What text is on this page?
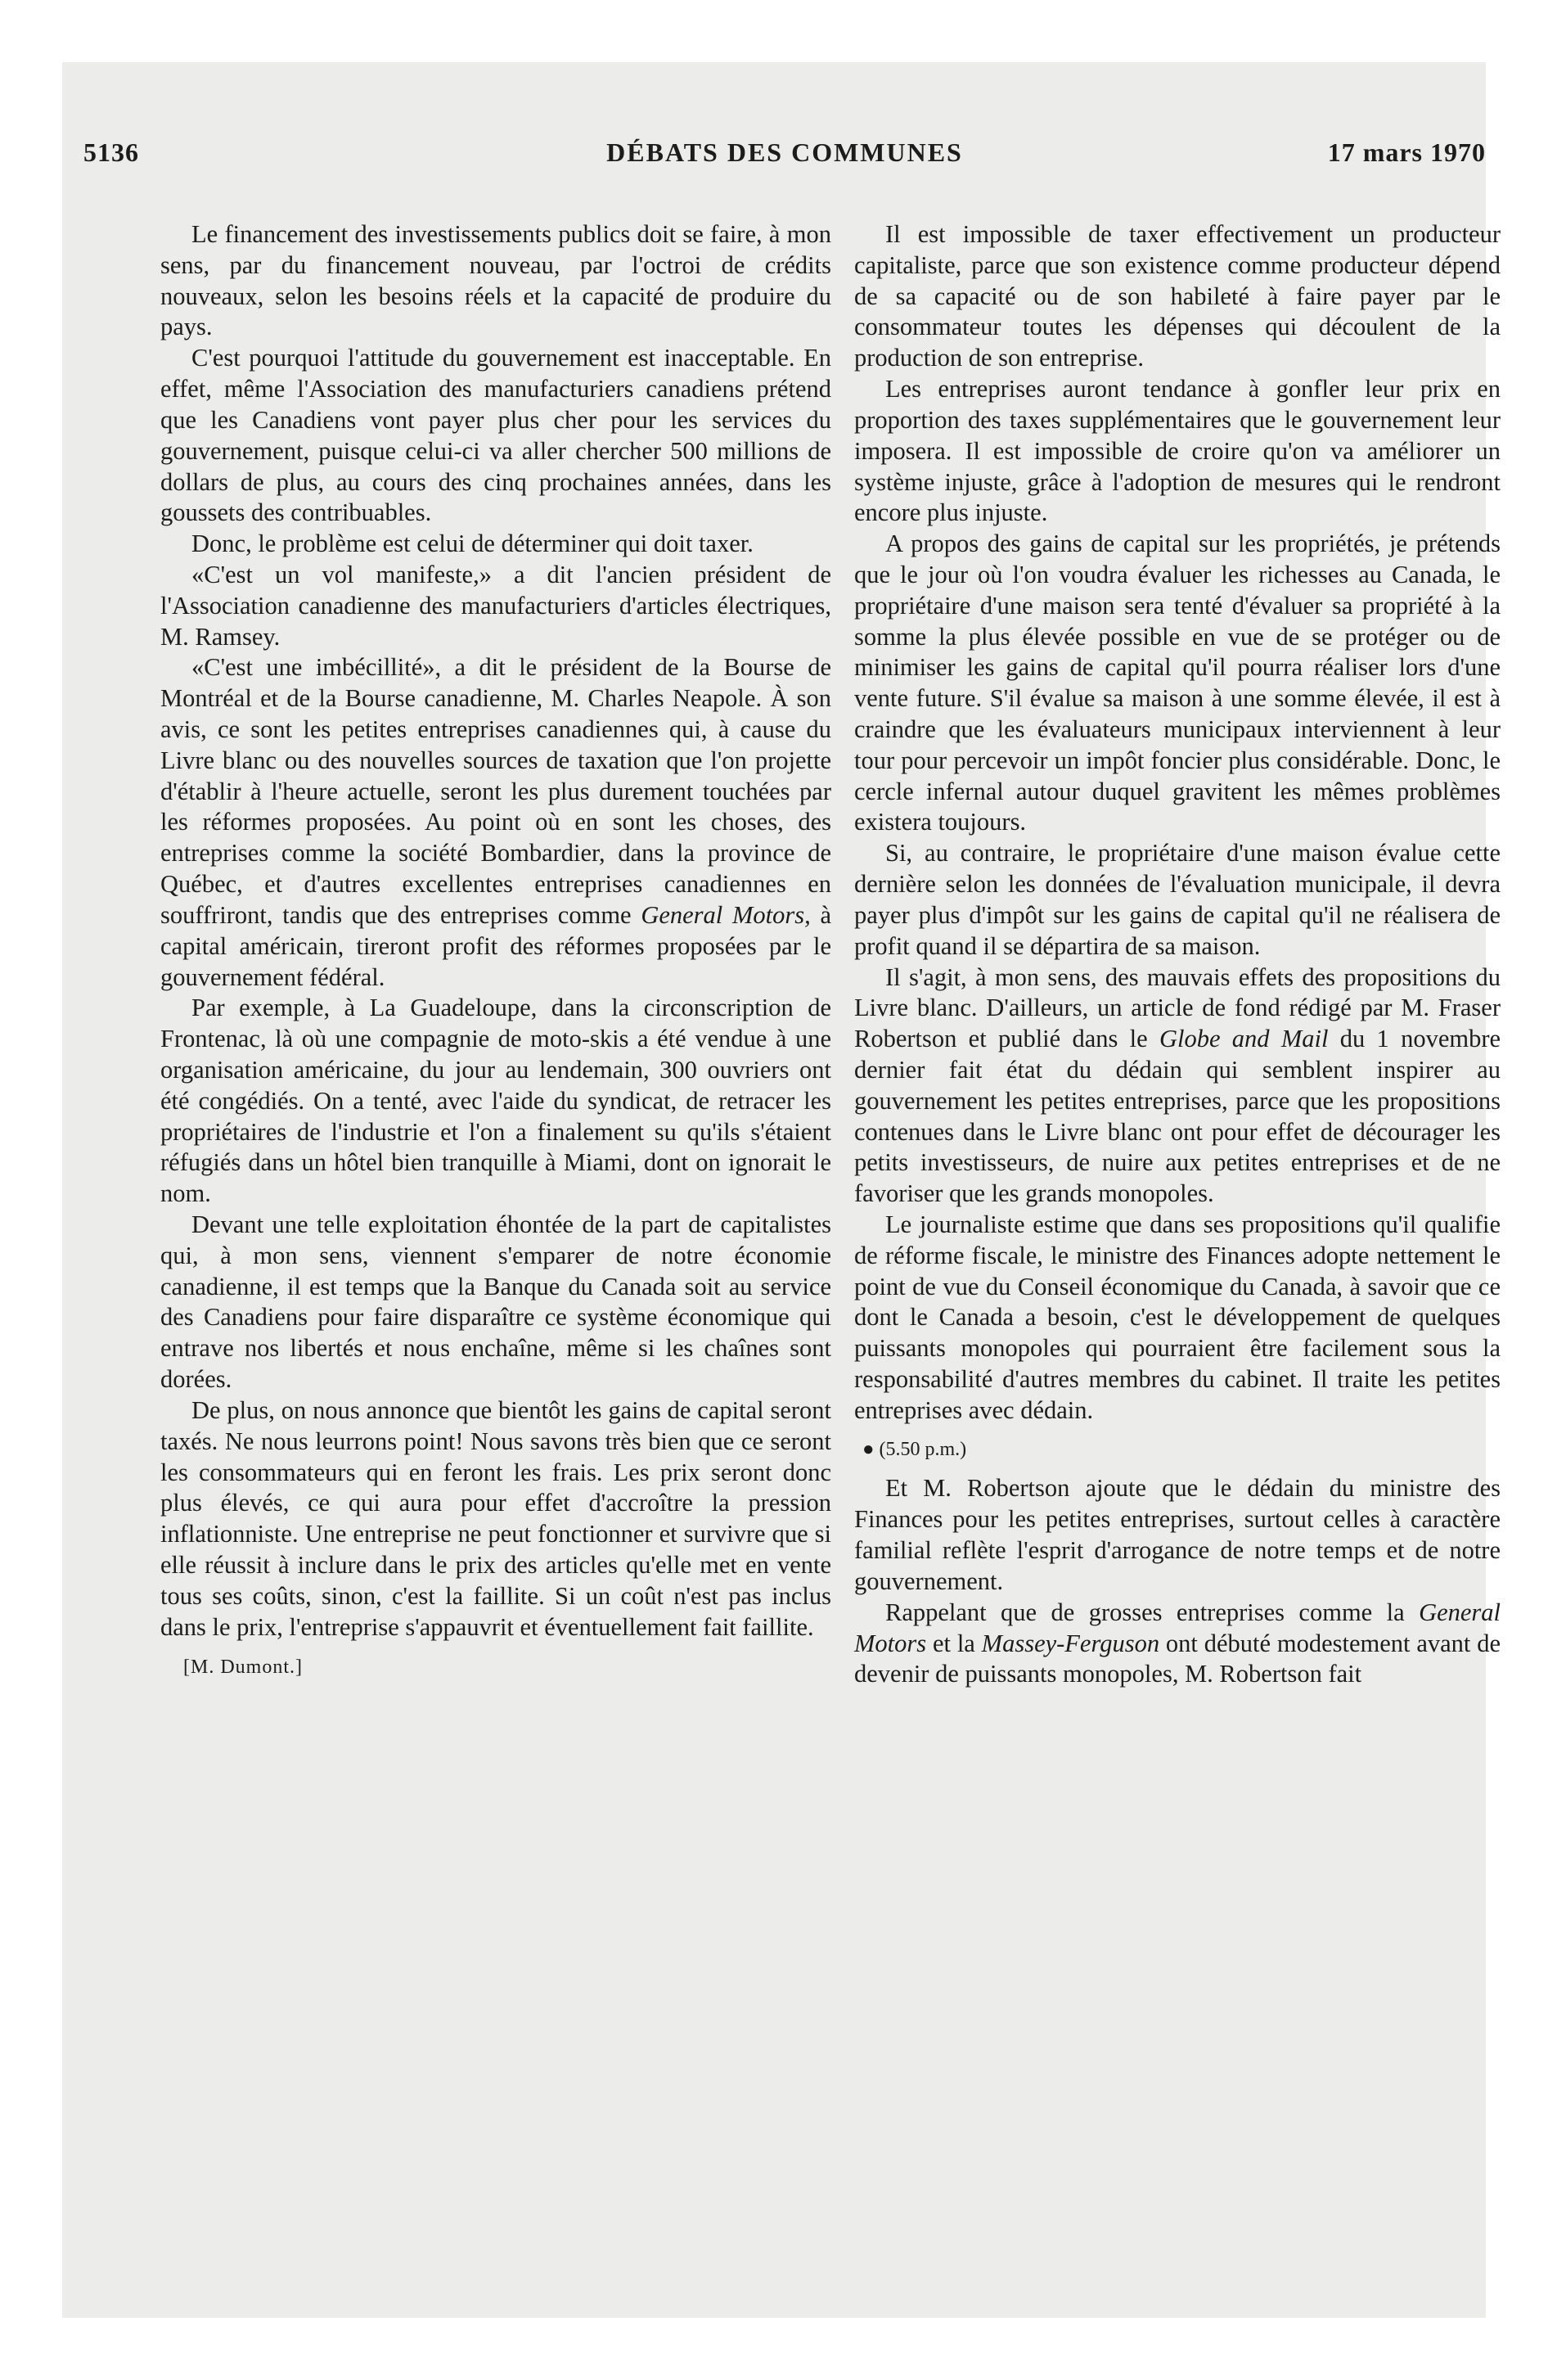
5136	DÉBATS DES COMMUNES	17 mars 1970

Le financement des investissements publics doit se faire, à mon sens, par du financement nouveau, par l'octroi de crédits nouveaux, selon les besoins réels et la capacité de produire du pays.

C'est pourquoi l'attitude du gouvernement est inacceptable. En effet, même l'Association des manufacturiers canadiens prétend que les Canadiens vont payer plus cher pour les services du gouvernement, puisque celui-ci va aller chercher 500 millions de dollars de plus, au cours des cinq prochaines années, dans les goussets des contribuables.

Donc, le problème est celui de déterminer qui doit taxer.

«C'est un vol manifeste,» a dit l'ancien président de l'Association canadienne des manufacturiers d'articles électriques, M. Ramsey.

«C'est une imbécillité», a dit le président de la Bourse de Montréal et de la Bourse canadienne, M. Charles Neapole. À son avis, ce sont les petites entreprises canadiennes qui, à cause du Livre blanc ou des nouvelles sources de taxation que l'on projette d'établir à l'heure actuelle, seront les plus durement touchées par les réformes proposées. Au point où en sont les choses, des entreprises comme la société Bombardier, dans la province de Québec, et d'autres excellentes entreprises canadiennes en souffriront, tandis que des entreprises comme General Motors, à capital américain, tireront profit des réformes proposées par le gouvernement fédéral.

Par exemple, à La Guadeloupe, dans la circonscription de Frontenac, là où une compagnie de moto-skis a été vendue à une organisation américaine, du jour au lendemain, 300 ouvriers ont été congédiés. On a tenté, avec l'aide du syndicat, de retracer les propriétaires de l'industrie et l'on a finalement su qu'ils s'étaient réfugiés dans un hôtel bien tranquille à Miami, dont on ignorait le nom.

Devant une telle exploitation éhontée de la part de capitalistes qui, à mon sens, viennent s'emparer de notre économie canadienne, il est temps que la Banque du Canada soit au service des Canadiens pour faire disparaître ce système économique qui entrave nos libertés et nous enchaîne, même si les chaînes sont dorées.

De plus, on nous annonce que bientôt les gains de capital seront taxés. Ne nous leurrons point! Nous savons très bien que ce seront les consommateurs qui en feront les frais. Les prix seront donc plus élevés, ce qui aura pour effet d'accroître la pression inflationniste. Une entreprise ne peut fonctionner et survivre que si elle réussit à inclure dans le prix des articles qu'elle met en vente tous ses coûts, sinon, c'est la faillite. Si un coût n'est pas inclus dans le prix, l'entreprise s'appauvrit et éventuellement fait faillite.

[M. Dumont.]

Il est impossible de taxer effectivement un producteur capitaliste, parce que son existence comme producteur dépend de sa capacité ou de son habileté à faire payer par le consommateur toutes les dépenses qui découlent de la production de son entreprise.

Les entreprises auront tendance à gonfler leur prix en proportion des taxes supplémentaires que le gouvernement leur imposera. Il est impossible de croire qu'on va améliorer un système injuste, grâce à l'adoption de mesures qui le rendront encore plus injuste.

A propos des gains de capital sur les propriétés, je prétends que le jour où l'on voudra évaluer les richesses au Canada, le propriétaire d'une maison sera tenté d'évaluer sa propriété à la somme la plus élevée possible en vue de se protéger ou de minimiser les gains de capital qu'il pourra réaliser lors d'une vente future. S'il évalue sa maison à une somme élevée, il est à craindre que les évaluateurs municipaux interviennent à leur tour pour percevoir un impôt foncier plus considérable. Donc, le cercle infernal autour duquel gravitent les mêmes problèmes existera toujours.

Si, au contraire, le propriétaire d'une maison évalue cette dernière selon les données de l'évaluation municipale, il devra payer plus d'impôt sur les gains de capital qu'il ne réalisera de profit quand il se départira de sa maison.

Il s'agit, à mon sens, des mauvais effets des propositions du Livre blanc. D'ailleurs, un article de fond rédigé par M. Fraser Robertson et publié dans le Globe and Mail du 1 novembre dernier fait état du dédain qui semblent inspirer au gouvernement les petites entreprises, parce que les propositions contenues dans le Livre blanc ont pour effet de décourager les petits investisseurs, de nuire aux petites entreprises et de ne favoriser que les grands monopoles.

Le journaliste estime que dans ses propositions qu'il qualifie de réforme fiscale, le ministre des Finances adopte nettement le point de vue du Conseil économique du Canada, à savoir que ce dont le Canada a besoin, c'est le développement de quelques puissants monopoles qui pourraient être facilement sous la responsabilité d'autres membres du cabinet. Il traite les petites entreprises avec dédain.

● (5.50 p.m.)

Et M. Robertson ajoute que le dédain du ministre des Finances pour les petites entreprises, surtout celles à caractère familial reflète l'esprit d'arrogance de notre temps et de notre gouvernement.

Rappelant que de grosses entreprises comme la General Motors et la Massey-Ferguson ont débuté modestement avant de devenir de puissants monopoles, M. Robertson fait
